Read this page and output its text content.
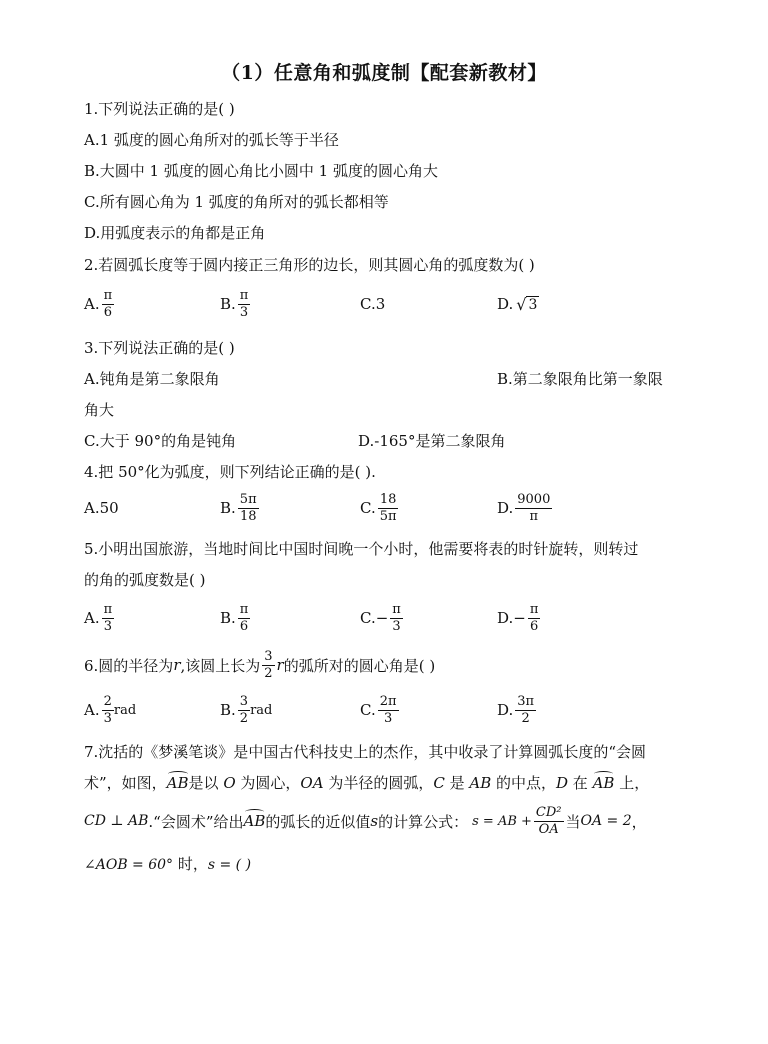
（1）任意角和弧度制【配套新教材】
1.下列说法正确的是( )
A.1 弧度的圆心角所对的弧长等于半径
B.大圆中 1 弧度的圆心角比小圆中 1 弧度的圆心角大
C.所有圆心角为 1 弧度的角所对的弧长都相等
D.用弧度表示的角都是正角
2.若圆弧长度等于圆内接正三角形的边长，则其圆心角的弧度数为( )
A. $\frac{\pi}{6}$	B. $\frac{\pi}{3}$	C.3	D. √ 3
3.下列说法正确的是( )
A.钝角是第二象限角	B.第二象限角比第一象限
角大
C.大于 90°的角是钝角	D.-165°是第二象限角
4.把 50°化为弧度，则下列结论正确的是( ).
A.50	B. $\frac{5\pi}{18}$	C. $\frac{18}{5\pi}$	D. $\frac{9000}{\pi}$
5.小明出国旅游，当地时间比中国时间晚一个小时，他需要将表的时针旋转，则转过
的角的弧度数是( )
A. $\frac{\pi}{3}$	B. $\frac{\pi}{6}$	C. − $\frac{\pi}{3}$	D. − $\frac{\pi}{6}$
6.圆的半径为 r ,该圆上长为 $\frac{3}{2}$ r 的弧所对的圆心角是( )
A. $\frac{2}{3}$ rad	B. $\frac{3}{2}$ rad	C. $\frac{2\pi}{3}$	D. $\frac{3\pi}{2}$
7.沈括的《梦溪笔谈》是中国古代科技史上的杰作，其中收录了计算圆弧长度的“会圆
术”，如图，AB是以 O 为圆心，OA 为半径的圆弧，C 是 AB 的中点，D 在 AB 上，
CD ⊥ AB .“会圆术”给出 AB 的弧长的近似值 s 的计算公式： s = AB + $\frac{\text{CD²}}{OA}$ 当 OA = 2 ，
∠AOB = 60° 时，s = ( )
